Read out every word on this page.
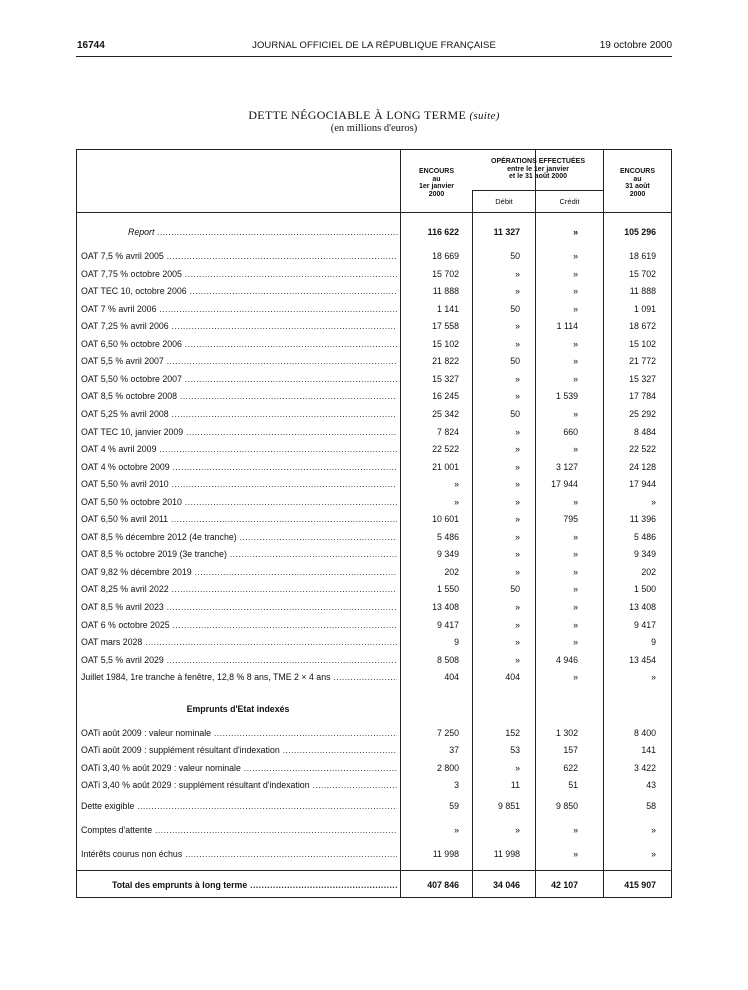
16744	JOURNAL OFFICIEL DE LA RÉPUBLIQUE FRANÇAISE	19 octobre 2000
DETTE NÉGOCIABLE À LONG TERME (suite)
(en millions d'euros)
ENCOURS
au
1er janvier
2000
OPÉRATIONS EFFECTUÉES
entre le 1er janvier
et le 31 août 2000
Débit	Crédit
ENCOURS
au
31 août
2000
Report .....	116 622	11 327	»	105 296
OAT 7,5 % avril 2005 .....	18 669	50	»	18 619
OAT 7,75 % octobre 2005 .....	15 702	»	»	15 702
OAT TEC 10, octobre 2006 .....	11 888	»	»	11 888
OAT 7 % avril 2006 .....	1 141	50	»	1 091
OAT 7,25 % avril 2006 .....	17 558	»	1 114	18 672
OAT 6,50 % octobre 2006 .....	15 102	»	»	15 102
OAT 5,5 % avril 2007 .....	21 822	50	»	21 772
OAT 5,50 % octobre 2007 .....	15 327	»	»	15 327
OAT 8,5 % octobre 2008 .....	16 245	»	1 539	17 784
OAT 5,25 % avril 2008 .....	25 342	50	»	25 292
OAT TEC 10, janvier 2009 .....	7 824	»	660	8 484
OAT 4 % avril 2009 .....	22 522	»	»	22 522
OAT 4 % octobre 2009 .....	21 001	»	3 127	24 128
OAT 5,50 % avril 2010 .....	»	»	17 944	17 944
OAT 5,50 % octobre 2010 .....	»	»	»	»
OAT 6,50 % avril 2011 .....	10 601	»	795	11 396
OAT 8,5 % décembre 2012 (4e tranche) .....	5 486	»	»	5 486
OAT 8,5 % octobre 2019 (3e tranche) .....	9 349	»	»	9 349
OAT 9,82 % décembre 2019 .....	202	»	»	202
OAT 8,25 % avril 2022 .....	1 550	50	»	1 500
OAT 8,5 % avril 2023 .....	13 408	»	»	13 408
OAT 6 % octobre 2025 .....	9 417	»	»	9 417
OAT mars 2028 .....	9	»	»	9
OAT 5,5 % avril 2029 .....	8 508	»	4 946	13 454
Juillet 1984, 1re tranche à fenêtre, 12,8 % 8 ans, TME 2 × 4 ans .....	404	404	»	»
Emprunts d'Etat indexés
OATi août 2009 : valeur nominale .....	7 250	152	1 302	8 400
OATi août 2009 : supplément résultant d'indexation .....	37	53	157	141
OATi 3,40 % août 2029 : valeur nominale .....	2 800	»	622	3 422
OATi 3,40 % août 2029 : supplément résultant d'indexation .....	3	11	51	43
Dette exigible .....	59	9 851	9 850	58
Comptes d'attente .....	»	»	»	»
Intérêts courus non échus .....	11 998	11 998	»	»
Total des emprunts à long terme .....	407 846	34 046	42 107	415 907
